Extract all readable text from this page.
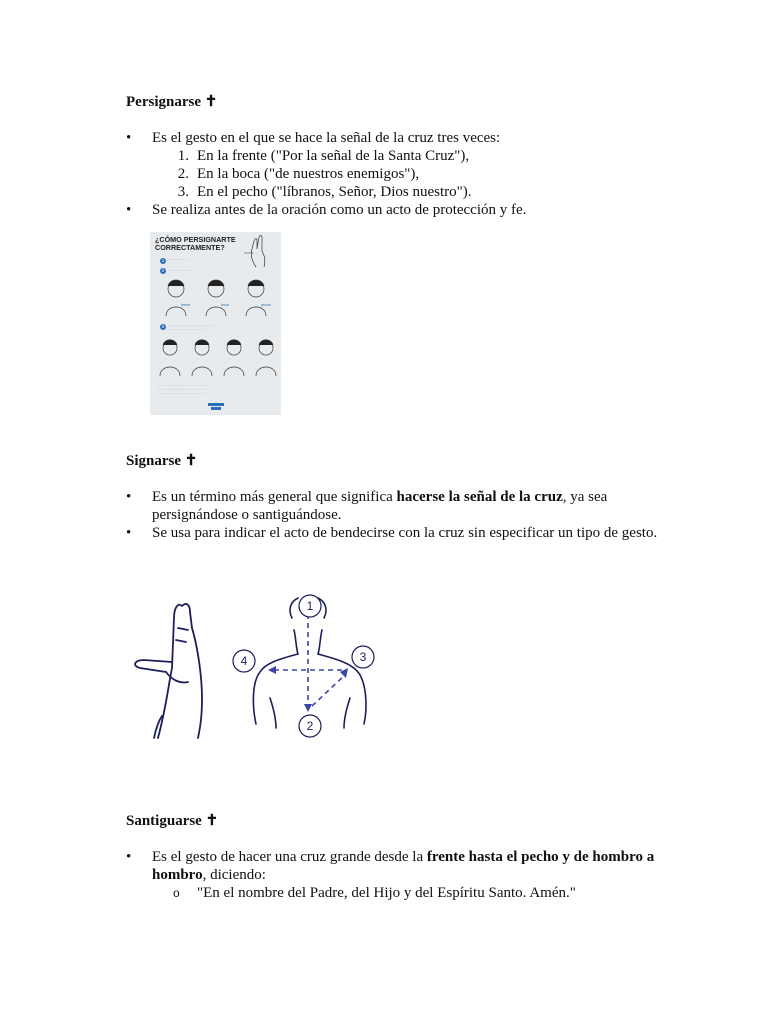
Persignarse ✝
•	Es el gesto en el que se hace la señal de la cruz tres veces:
1. En la frente ("Por la señal de la Santa Cruz"),
2. En la boca ("de nuestros enemigos"),
3. En el pecho ("líbranos, Señor, Dios nuestro").
•	Se realiza antes de la oración como un acto de protección y fe.
¿CÓMO PERSIGNARTE CORRECTAMENTE?
1	· · · · · · · · · ·
2	· · · · · · · · · · · ·
frente	boca	pecho
3	· · · · · · · · · · · · · · · · · · · · · · ·
· · · · · · · · · · · · · · · · · · ·
· · · · · · · · · · · · · · · · · · · · · · · · · ·
· · · · · · · · · · · · · · · · · · · · · · · · ·
· · · · · · · · · · · · · · · · · · · · · · · ·
Signarse ✝
•	Es un término más general que significa hacerse la señal de la cruz, ya sea
persignándose o santiguándose.
•	Se usa para indicar el acto de bendecirse con la cruz sin especificar un tipo de gesto.
1
2
3
4
Santiguarse ✝
•	Es el gesto de hacer una cruz grande desde la frente hasta el pecho y de hombro a
hombro, diciendo:
o "En el nombre del Padre, del Hijo y del Espíritu Santo. Amén."
